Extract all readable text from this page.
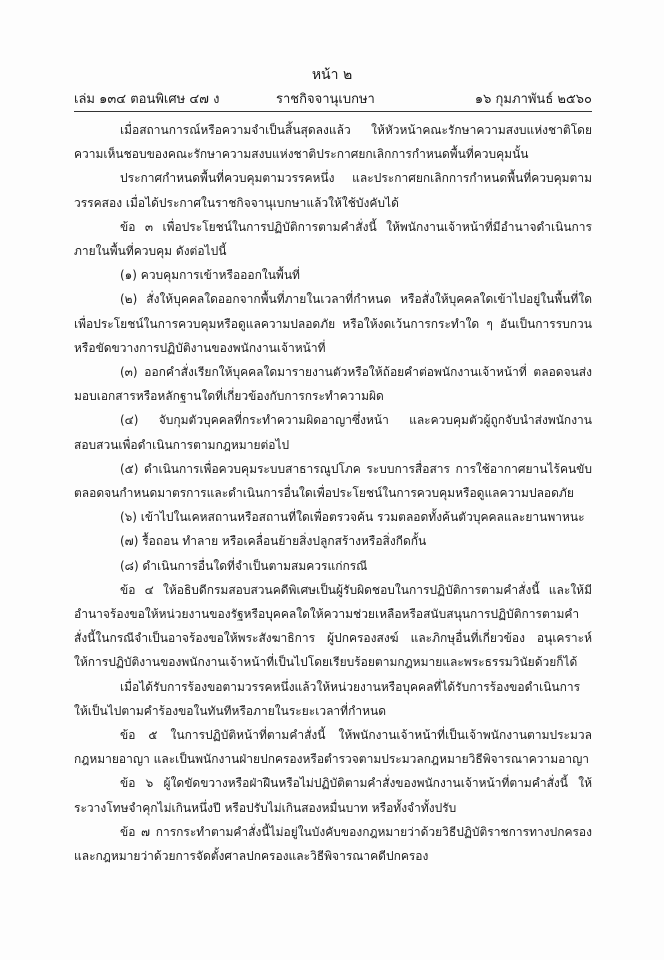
หน้า ๒
เล่ม ๑๓๔ ตอนพิเศษ ๔๗ ง	ราชกิจจานุเบกษา	๑๖ กุมภาพันธ์ ๒๕๖๐

เมื่อสถานการณ์หรือความจำเป็นสิ้นสุดลงแล้ว ให้หัวหน้าคณะรักษาความสงบแห่งชาติโดยความเห็นชอบของคณะรักษาความสงบแห่งชาติประกาศยกเลิกการกำหนดพื้นที่ควบคุมนั้น

ประกาศกำหนดพื้นที่ควบคุมตามวรรคหนึ่ง และประกาศยกเลิกการกำหนดพื้นที่ควบคุมตามวรรคสอง เมื่อได้ประกาศในราชกิจจานุเบกษาแล้วให้ใช้บังคับได้

ข้อ ๓ เพื่อประโยชน์ในการปฏิบัติการตามคำสั่งนี้ ให้พนักงานเจ้าหน้าที่มีอำนาจดำเนินการภายในพื้นที่ควบคุม ดังต่อไปนี้

(๑) ควบคุมการเข้าหรือออกในพื้นที่

(๒) สั่งให้บุคคลใดออกจากพื้นที่ภายในเวลาที่กำหนด หรือสั่งให้บุคคลใดเข้าไปอยู่ในพื้นที่ใดเพื่อประโยชน์ในการควบคุมหรือดูแลความปลอดภัย หรือให้งดเว้นการกระทำใด ๆ อันเป็นการรบกวนหรือขัดขวางการปฏิบัติงานของพนักงานเจ้าหน้าที่

(๓) ออกคำสั่งเรียกให้บุคคลใดมารายงานตัวหรือให้ถ้อยคำต่อพนักงานเจ้าหน้าที่ ตลอดจนส่งมอบเอกสารหรือหลักฐานใดที่เกี่ยวข้องกับการกระทำความผิด

(๔) จับกุมตัวบุคคลที่กระทำความผิดอาญาซึ่งหน้า และควบคุมตัวผู้ถูกจับนำส่งพนักงานสอบสวนเพื่อดำเนินการตามกฎหมายต่อไป

(๕) ดำเนินการเพื่อควบคุมระบบสาธารณูปโภค ระบบการสื่อสาร การใช้อากาศยานไร้คนขับตลอดจนกำหนดมาตรการและดำเนินการอื่นใดเพื่อประโยชน์ในการควบคุมหรือดูแลความปลอดภัย

(๖) เข้าไปในเคหสถานหรือสถานที่ใดเพื่อตรวจค้น รวมตลอดทั้งค้นตัวบุคคลและยานพาหนะ

(๗) รื้อถอน ทำลาย หรือเคลื่อนย้ายสิ่งปลูกสร้างหรือสิ่งกีดกั้น

(๘) ดำเนินการอื่นใดที่จำเป็นตามสมควรแก่กรณี

ข้อ ๔ ให้อธิบดีกรมสอบสวนคดีพิเศษเป็นผู้รับผิดชอบในการปฏิบัติการตามคำสั่งนี้ และให้มีอำนาจร้องขอให้หน่วยงานของรัฐหรือบุคคลใดให้ความช่วยเหลือหรือสนับสนุนการปฏิบัติการตามคำสั่งนี้ในกรณีจำเป็นอาจร้องขอให้พระสังฆาธิการ ผู้ปกครองสงฆ์ และภิกษุอื่นที่เกี่ยวข้อง อนุเคราะห์ให้การปฏิบัติงานของพนักงานเจ้าหน้าที่เป็นไปโดยเรียบร้อยตามกฎหมายและพระธรรมวินัยด้วยก็ได้

เมื่อได้รับการร้องขอตามวรรคหนึ่งแล้วให้หน่วยงานหรือบุคคลที่ได้รับการร้องขอดำเนินการให้เป็นไปตามคำร้องขอในทันทีหรือภายในระยะเวลาที่กำหนด

ข้อ ๕ ในการปฏิบัติหน้าที่ตามคำสั่งนี้ ให้พนักงานเจ้าหน้าที่เป็นเจ้าพนักงานตามประมวลกฎหมายอาญา และเป็นพนักงานฝ่ายปกครองหรือตำรวจตามประมวลกฎหมายวิธีพิจารณาความอาญา

ข้อ ๖ ผู้ใดขัดขวางหรือฝ่าฝืนหรือไม่ปฏิบัติตามคำสั่งของพนักงานเจ้าหน้าที่ตามคำสั่งนี้ ให้ระวางโทษจำคุกไม่เกินหนึ่งปี หรือปรับไม่เกินสองหมื่นบาท หรือทั้งจำทั้งปรับ

ข้อ ๗ การกระทำตามคำสั่งนี้ไม่อยู่ในบังคับของกฎหมายว่าด้วยวิธีปฏิบัติราชการทางปกครองและกฎหมายว่าด้วยการจัดตั้งศาลปกครองและวิธีพิจารณาคดีปกครอง
